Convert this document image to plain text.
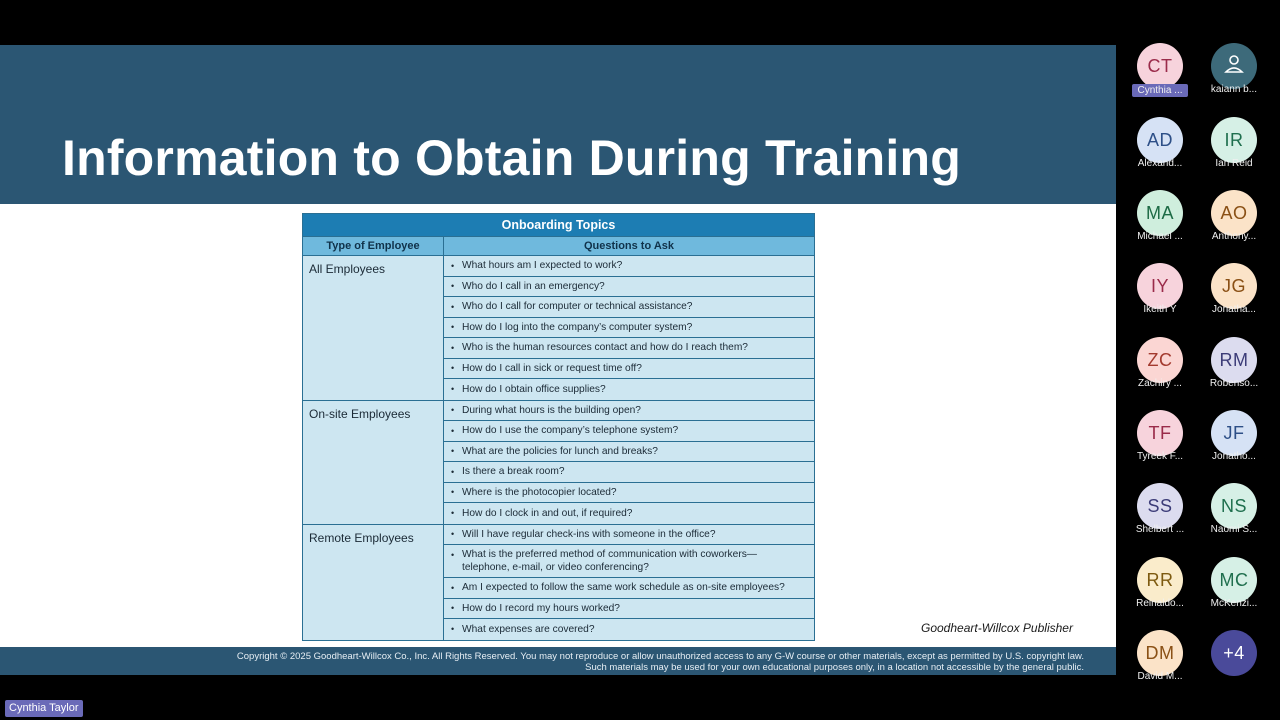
Information to Obtain During Training
Onboarding Topics
Type of Employee	Questions to Ask
All Employees	• What hours am I expected to work?
• Who do I call in an emergency?
• Who do I call for computer or technical assistance?
• How do I log into the company’s computer system?
• Who is the human resources contact and how do I reach them?
• How do I call in sick or request time off?
• How do I obtain office supplies?
On-site Employees	• During what hours is the building open?
• How do I use the company’s telephone system?
• What are the policies for lunch and breaks?
• Is there a break room?
• Where is the photocopier located?
• How do I clock in and out, if required?
Remote Employees	• Will I have regular check-ins with someone in the office?
• What is the preferred method of communication with coworkers—telephone, e-mail, or video conferencing?
• Am I expected to follow the same work schedule as on-site employees?
• How do I record my hours worked?
• What expenses are covered?	Goodheart-Willcox Publisher
Copyright © 2025 Goodheart-Willcox Co., Inc. All Rights Reserved. You may not reproduce or allow unauthorized access to any G-W course or other materials, except as permitted by U.S. copyright law.
Such materials may be used for your own educational purposes only, in a location not accessible by the general public.
CT
Cynthia ...	kaiann b...
AD
Alexand...
IR
Ian Reid
MA
Michael ...
AO
Anthony...
IY
Ikeith Y
JG
Jonatha...
ZC
Zachiry ...
RM
Robenso...
TF
Tyreek F...
JF
Jonatho...
SS
Shelbert ...
NS
Naomi S...
RR
Reinaldo...
MC
McKenzi...
DM
David M...
+4
Cynthia Taylor
